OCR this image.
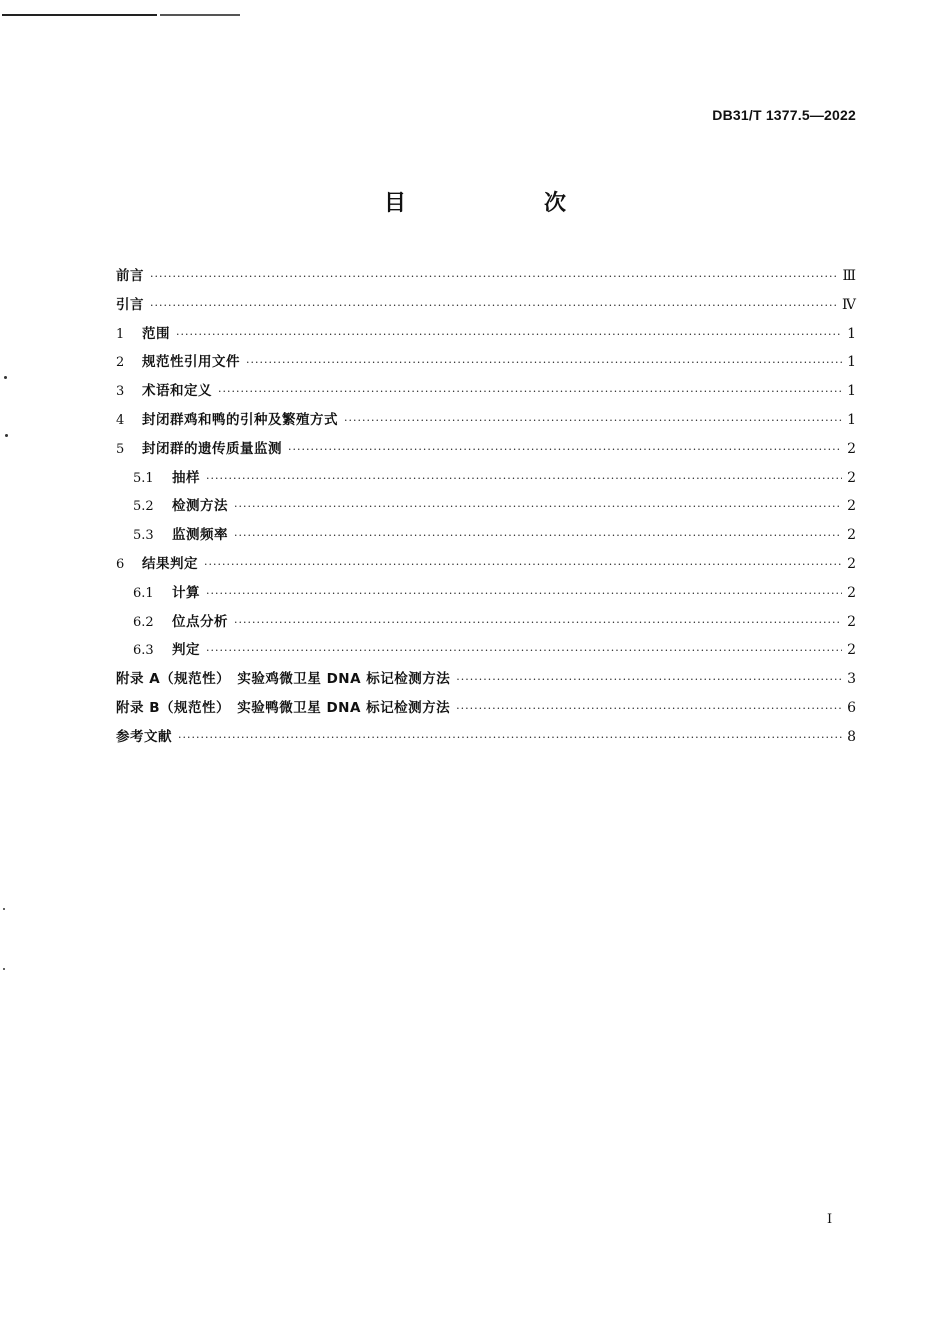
DB31/T 1377.5—2022
目　次
前言 ·····	Ⅲ
引言 ·····	Ⅳ
1	范围 ·····	1
2	规范性引用文件 ·····	1
3	术语和定义 ·····	1
4	封闭群鸡和鸭的引种及繁殖方式 ·····	1
5	封闭群的遗传质量监测 ·····	2
5.1	抽样 ·····	2
5.2	检测方法 ·····	2
5.3	监测频率 ·····	2
6	结果判定 ·····	2
6.1	计算 ·····	2
6.2	位点分析 ·····	2
6.3	判定 ·····	2
附录 A（规范性）　实验鸡微卫星 DNA 标记检测方法 ·····	3
附录 B（规范性）　实验鸭微卫星 DNA 标记检测方法 ·····	6
参考文献 ·····	8
I
